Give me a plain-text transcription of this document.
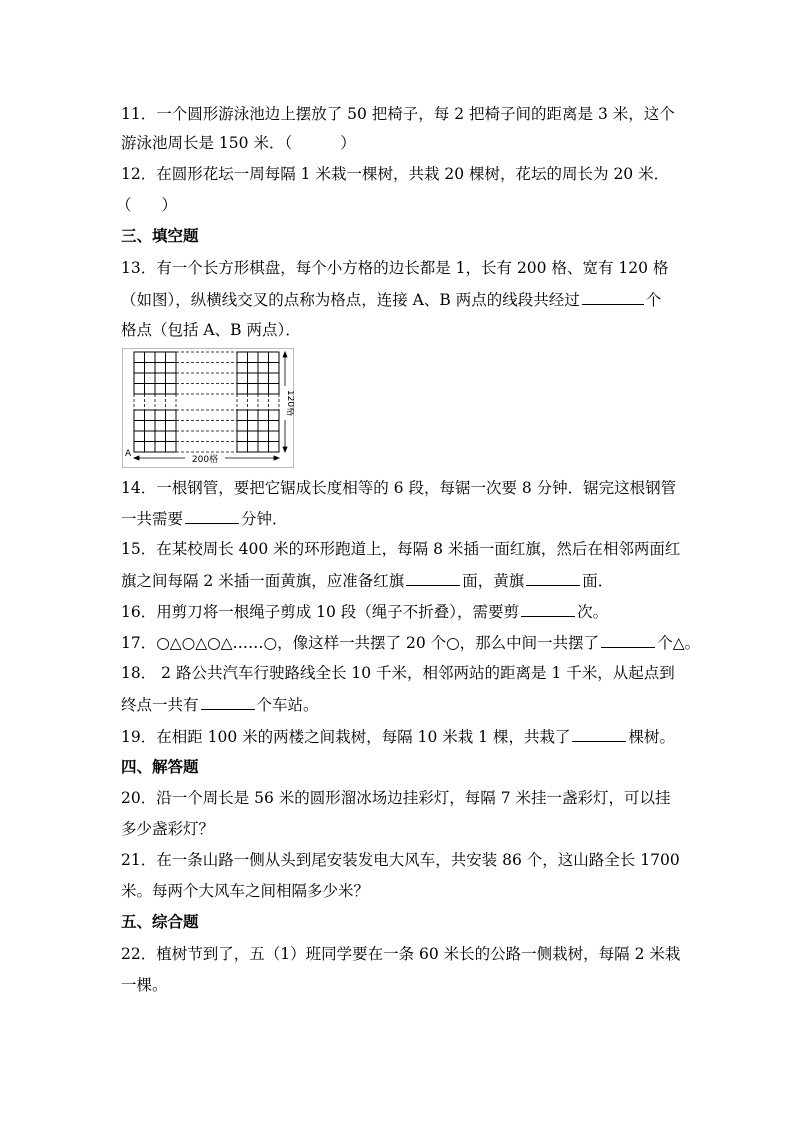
11．一个圆形游泳池边上摆放了 50 把椅子，每 2 把椅子间的距离是 3 米，这个
游泳池周长是 150 米．（	）
12．在圆形花坛一周每隔 1 米栽一棵树，共栽 20 棵树，花坛的周长为 20 米．
（ ）
三、填空题
13．有一个长方形棋盘，每个小方格的边长都是 1，长有 200 格、宽有 120 格
（如图），纵横线交叉的点称为格点，连接 A、B 两点的线段共经过	个
格点（包括 A、B 两点）．
200格
120格
A
14．一根钢管，要把它锯成长度相等的 6 段，每锯一次要 8 分钟．锯完这根钢管
一共需要	分钟．
15．在某校周长 400 米的环形跑道上，每隔 8 米插一面红旗，然后在相邻两面红
旗之间每隔 2 米插一面黄旗，应准备红旗	面，黄旗	面．
16．用剪刀将一根绳子剪成 10 段（绳子不折叠），需要剪	次。
17．○△○△○△……○，像这样一共摆了 20 个○，那么中间一共摆了	个△。
18． 2 路公共汽车行驶路线全长 10 千米，相邻两站的距离是 1 千米，从起点到
终点一共有	个车站。
19．在相距 100 米的两楼之间栽树，每隔 10 米栽 1 棵，共栽了	棵树。
四、解答题
20．沿一个周长是 56 米的圆形溜冰场边挂彩灯，每隔 7 米挂一盏彩灯，可以挂
多少盏彩灯？
21．在一条山路一侧从头到尾安装发电大风车，共安装 86 个，这山路全长 1700
米。每两个大风车之间相隔多少米？
五、综合题
22．植树节到了，五（1）班同学要在一条 60 米长的公路一侧栽树，每隔 2 米栽
一棵。
